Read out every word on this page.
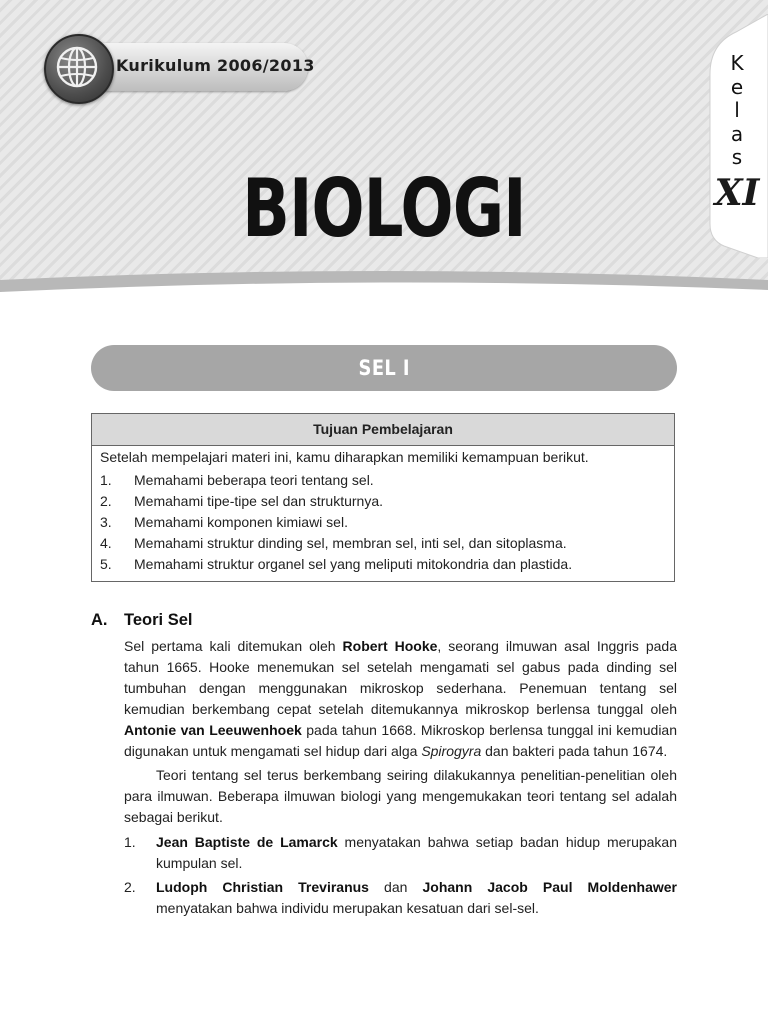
Kurikulum 2006/2013
BIOLOGI
K
e
l
a
s
XI
SEL I
Tujuan Pembelajaran
Setelah mempelajari materi ini, kamu diharapkan memiliki kemampuan berikut.
1. Memahami beberapa teori tentang sel.
2. Memahami tipe-tipe sel dan strukturnya.
3. Memahami komponen kimiawi sel.
4. Memahami struktur dinding sel, membran sel, inti sel, dan sitoplasma.
5. Memahami struktur organel sel yang meliputi mitokondria dan plastida.
A. Teori Sel

Sel pertama kali ditemukan oleh Robert Hooke, seorang ilmuwan asal Inggris pada tahun 1665. Hooke menemukan sel setelah mengamati sel gabus pada dinding sel tumbuhan dengan menggunakan mikroskop sederhana. Penemuan tentang sel kemudian berkembang cepat setelah ditemukannya mikroskop berlensa tunggal oleh Antonie van Leeuwenhoek pada tahun 1668. Mikroskop berlensa tunggal ini kemudian digunakan untuk mengamati sel hidup dari alga Spirogyra dan bakteri pada tahun 1674.

Teori tentang sel terus berkembang seiring dilakukannya penelitian-penelitian oleh para ilmuwan. Beberapa ilmuwan biologi yang mengemukakan teori tentang sel adalah sebagai berikut.

1. Jean Baptiste de Lamarck menyatakan bahwa setiap badan hidup merupakan kumpulan sel.
2. Ludoph Christian Treviranus dan Johann Jacob Paul Moldenhawer menyatakan bahwa individu merupakan kesatuan dari sel-sel.
